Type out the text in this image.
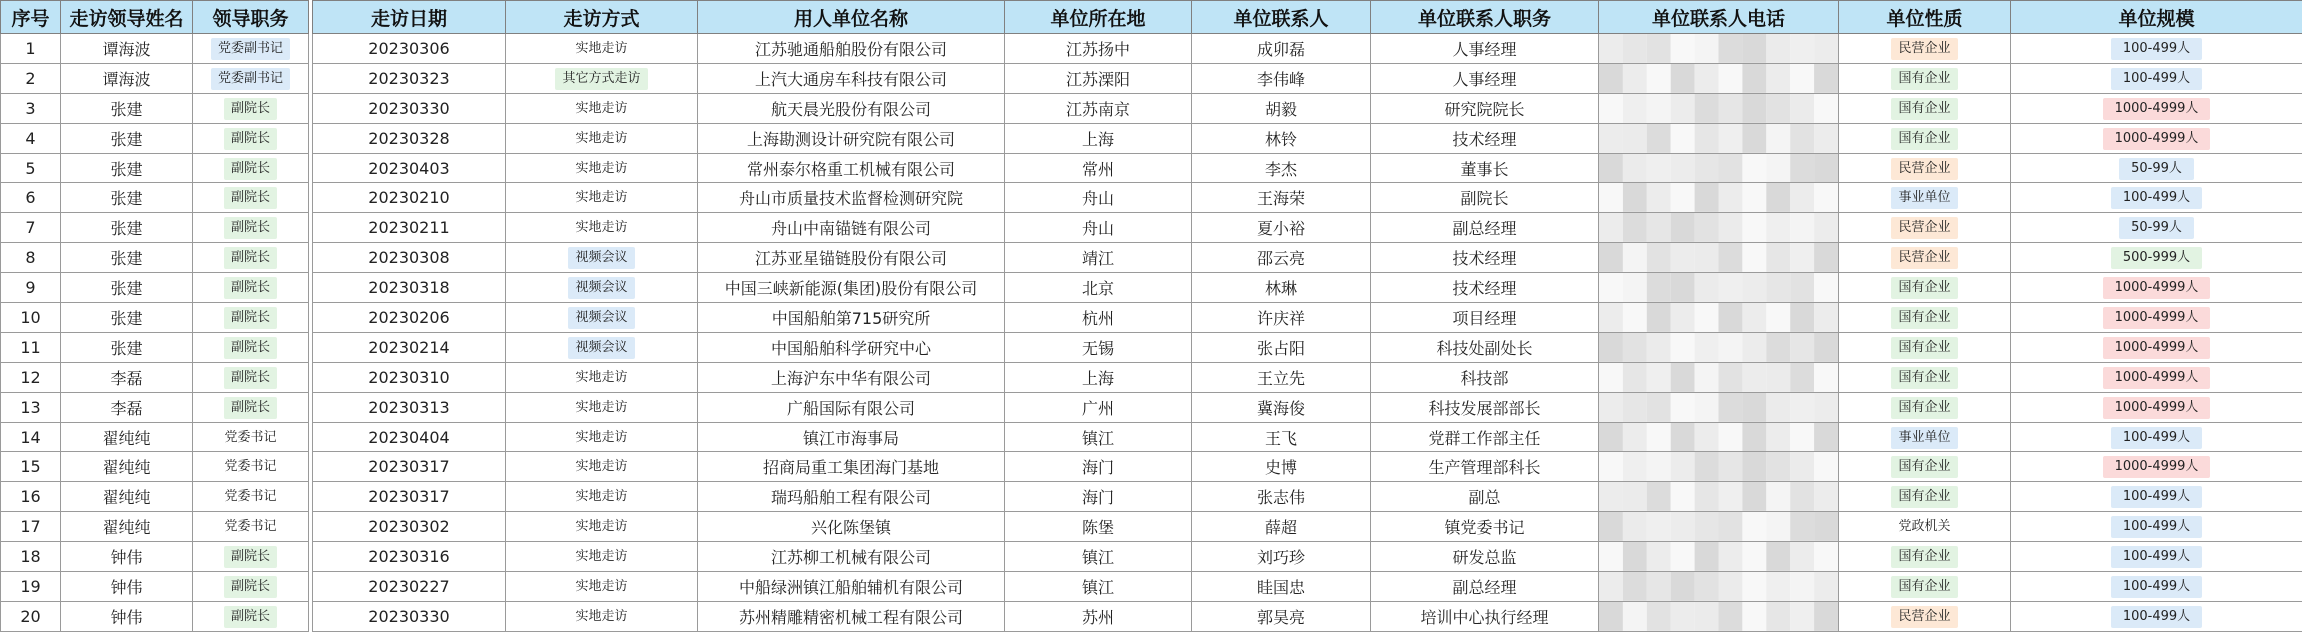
序号	走访领导姓名	领导职务		走访日期	走访方式	用人单位名称	单位所在地	单位联系人	单位联系人职务	单位联系人电话	单位性质	单位规模
1	谭海波	党委副书记		20230306	实地走访	江苏驰通船舶股份有限公司	江苏扬中	成卯磊	人事经理		民营企业	100-499人
2	谭海波	党委副书记		20230323	其它方式走访	上汽大通房车科技有限公司	江苏溧阳	李伟峰	人事经理		国有企业	100-499人
3	张建	副院长		20230330	实地走访	航天晨光股份有限公司	江苏南京	胡毅	研究院院长		国有企业	1000-4999人
4	张建	副院长		20230328	实地走访	上海勘测设计研究院有限公司	上海	林铃	技术经理		国有企业	1000-4999人
5	张建	副院长		20230403	实地走访	常州泰尔格重工机械有限公司	常州	李杰	董事长		民营企业	50-99人
6	张建	副院长		20230210	实地走访	舟山市质量技术监督检测研究院	舟山	王海荣	副院长		事业单位	100-499人
7	张建	副院长		20230211	实地走访	舟山中南锚链有限公司	舟山	夏小裕	副总经理		民营企业	50-99人
8	张建	副院长		20230308	视频会议	江苏亚星锚链股份有限公司	靖江	邵云亮	技术经理		民营企业	500-999人
9	张建	副院长		20230318	视频会议	中国三峡新能源(集团)股份有限公司	北京	林琳	技术经理		国有企业	1000-4999人
10	张建	副院长		20230206	视频会议	中国船舶第715研究所	杭州	许庆祥	项目经理		国有企业	1000-4999人
11	张建	副院长		20230214	视频会议	中国船舶科学研究中心	无锡	张占阳	科技处副处长		国有企业	1000-4999人
12	李磊	副院长		20230310	实地走访	上海沪东中华有限公司	上海	王立先	科技部		国有企业	1000-4999人
13	李磊	副院长		20230313	实地走访	广船国际有限公司	广州	冀海俊	科技发展部部长		国有企业	1000-4999人
14	翟纯纯	党委书记		20230404	实地走访	镇江市海事局	镇江	王飞	党群工作部主任		事业单位	100-499人
15	翟纯纯	党委书记		20230317	实地走访	招商局重工集团海门基地	海门	史博	生产管理部科长		国有企业	1000-4999人
16	翟纯纯	党委书记		20230317	实地走访	瑞玛船舶工程有限公司	海门	张志伟	副总		国有企业	100-499人
17	翟纯纯	党委书记		20230302	实地走访	兴化陈堡镇	陈堡	薛超	镇党委书记		党政机关	100-499人
18	钟伟	副院长		20230316	实地走访	江苏柳工机械有限公司	镇江	刘巧珍	研发总监		国有企业	100-499人
19	钟伟	副院长		20230227	实地走访	中船绿洲镇江船舶辅机有限公司	镇江	眭国忠	副总经理		国有企业	100-499人
20	钟伟	副院长		20230330	实地走访	苏州精雕精密机械工程有限公司	苏州	郭昊亮	培训中心执行经理		民营企业	100-499人
